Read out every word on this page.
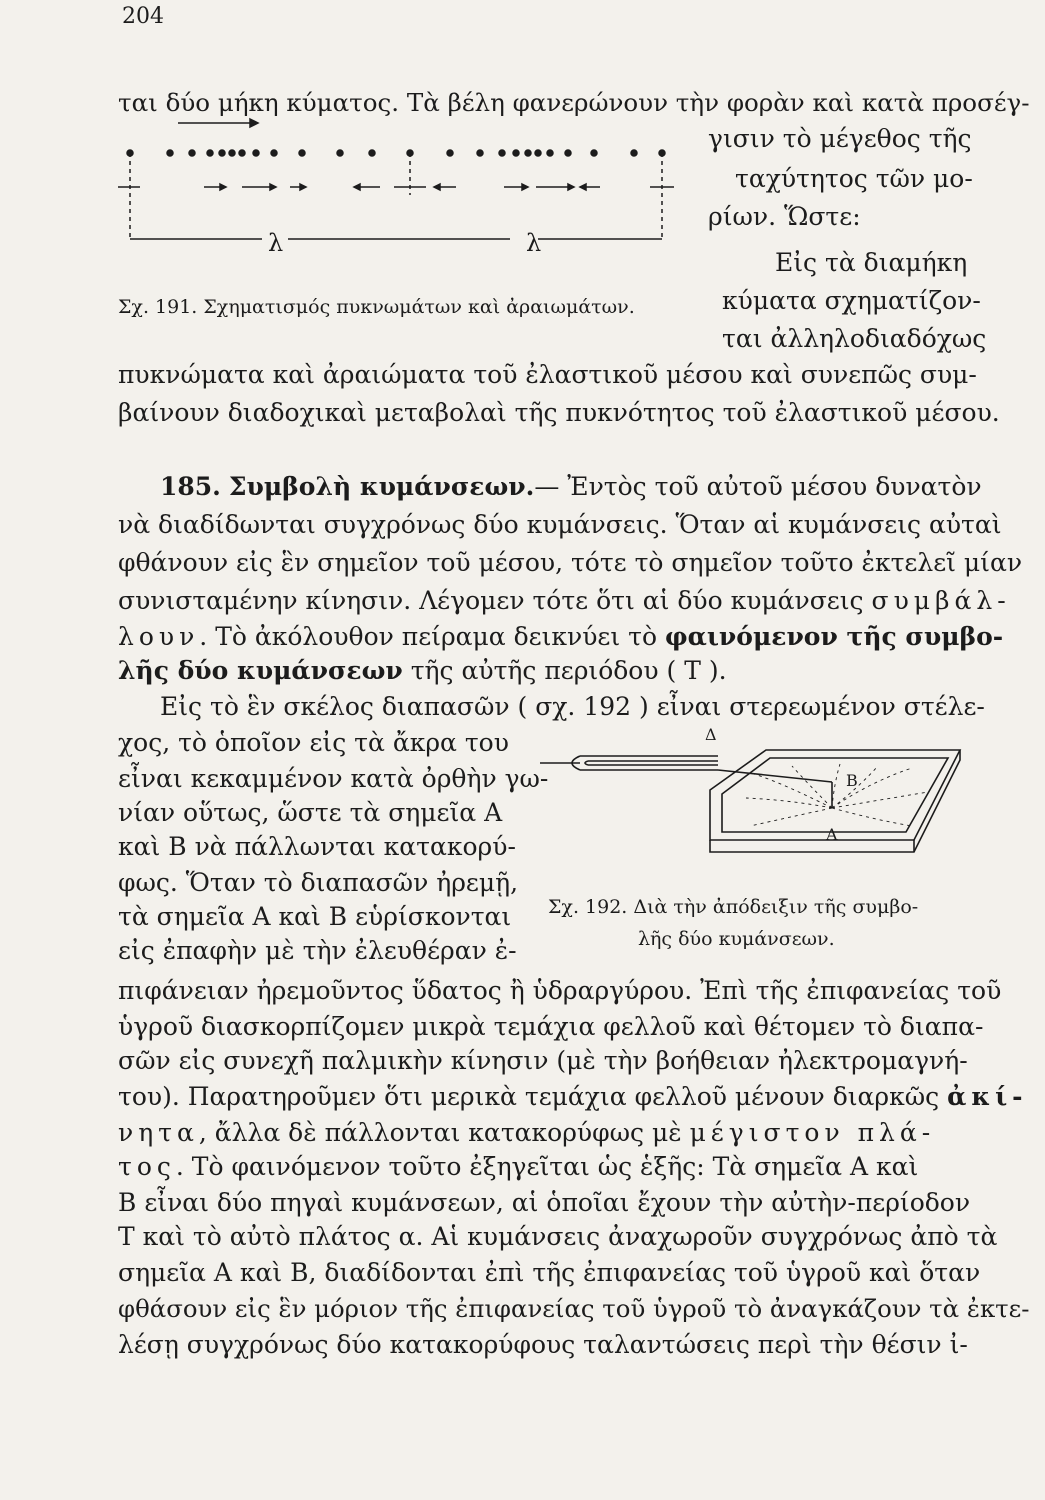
204
ται δύο μήκη κύματος. Τὰ βέλη φανερώνουν τὴν φορὰν καὶ κατὰ προσέγ-
λ	λ
Σχ. 191. Σχηματισμός πυκνωμάτων καὶ ἀραιωμάτων.
γισιν τὸ μέγεθος τῆς
ταχύτητος τῶν μο-
ρίων. Ὥστε:
Εἰς τὰ διαμήκη
κύματα σχηματίζον-
ται ἀλληλοδιαδόχως
πυκνώματα καὶ ἀραιώματα τοῦ ἐλαστικοῦ μέσου καὶ συνεπῶς συμ-
βαίνουν διαδοχικαὶ μεταβολαὶ τῆς πυκνότητος τοῦ ἐλαστικοῦ μέσου.
185. Συμβολὴ κυμάνσεων.— Ἐντὸς τοῦ αὐτοῦ μέσου δυνατὸν
νὰ διαδίδωνται συγχρόνως δύο κυμάνσεις. Ὅταν αἱ κυμάνσεις αὐταὶ
φθάνουν εἰς ἓν σημεῖον τοῦ μέσου, τότε τὸ σημεῖον τοῦτο ἐκτελεῖ μίαν
συνισταμένην κίνησιν. Λέγομεν τότε ὅτι αἱ δύο κυμάνσεις συμβάλ-
λουν. Τὸ ἀκόλουθον πείραμα δεικνύει τὸ φαινόμενον τῆς συμβο-
λῆς δύο κυμάνσεων τῆς αὐτῆς περιόδου ( Τ ).
Εἰς τὸ ἓν σκέλος διαπασῶν ( σχ. 192 ) εἶναι στερεωμένον στέλε-
χος, τὸ ὁποῖον εἰς τὰ ἄκρα του
εἶναι κεκαμμένον κατὰ ὀρθὴν γω-
νίαν οὕτως, ὥστε τὰ σημεῖα Α
καὶ Β νὰ πάλλωνται κατακορύ-
φως. Ὅταν τὸ διαπασῶν ἠρεμῇ,
τὰ σημεῖα Α καὶ Β εὑρίσκονται
εἰς ἐπαφὴν μὲ τὴν ἐλευθέραν ἐ-
Δ
B
A
Σχ. 192. Διὰ τὴν ἀπόδειξιν τῆς συμβο-
λῆς δύο κυμάνσεων.
πιφάνειαν ἠρεμοῦντος ὕδατος ἢ ὑδραργύρου. Ἐπὶ τῆς ἐπιφανείας τοῦ
ὑγροῦ διασκορπίζομεν μικρὰ τεμάχια φελλοῦ καὶ θέτομεν τὸ διαπα-
σῶν εἰς συνεχῆ παλμικὴν κίνησιν (μὲ τὴν βοήθειαν ἠλεκτρομαγνή-
του). Παρατηροῦμεν ὅτι μερικὰ τεμάχια φελλοῦ μένουν διαρκῶς ἀκί-
νητα, ἄλλα δὲ πάλλονται κατακορύφως μὲ μέγιστον πλά-
τος. Τὸ φαινόμενον τοῦτο ἐξηγεῖται ὡς ἑξῆς: Τὰ σημεῖα Α καὶ
Β εἶναι δύο πηγαὶ κυμάνσεων, αἱ ὁποῖαι ἔχουν τὴν αὐτὴν-περίοδον
Τ καὶ τὸ αὐτὸ πλάτος α. Αἱ κυμάνσεις ἀναχωροῦν συγχρόνως ἀπὸ τὰ
σημεῖα Α καὶ Β, διαδίδονται ἐπὶ τῆς ἐπιφανείας τοῦ ὑγροῦ καὶ ὅταν
φθάσουν εἰς ἓν μόριον τῆς ἐπιφανείας τοῦ ὑγροῦ τὸ ἀναγκάζουν τὰ ἐκτε-
λέσῃ συγχρόνως δύο κατακορύφους ταλαντώσεις περὶ τὴν θέσιν ἰ-
